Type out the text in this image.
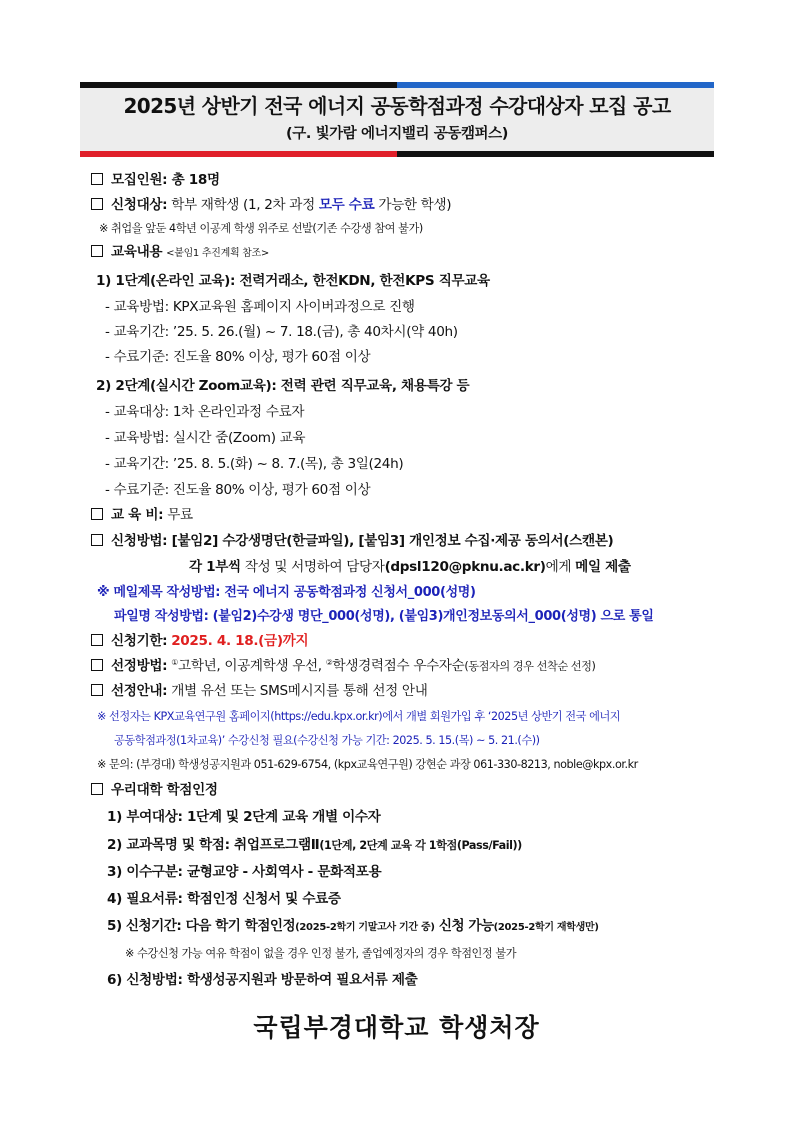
2025년 상반기 전국 에너지 공동학점과정 수강대상자 모집 공고
(구. 빛가람 에너지밸리 공동캠퍼스)
모집인원: 총 18명
신청대상: 학부 재학생 (1, 2차 과정 모두 수료 가능한 학생)
※ 취업을 앞둔 4학년 이공계 학생 위주로 선발(기존 수강생 참여 불가)
교육내용 <붙임1 추진계획 참조>
1) 1단계(온라인 교육): 전력거래소, 한전KDN, 한전KPS 직무교육
- 교육방법: KPX교육원 홈페이지 사이버과정으로 진행
- 교육기간: ’25. 5. 26.(월) ~ 7. 18.(금), 총 40차시(약 40h)
- 수료기준: 진도율 80% 이상, 평가 60점 이상
2) 2단계(실시간 Zoom교육): 전력 관련 직무교육, 채용특강 등
- 교육대상: 1차 온라인과정 수료자
- 교육방법: 실시간 줌(Zoom) 교육
- 교육기간: ’25. 8. 5.(화) ~ 8. 7.(목), 총 3일(24h)
- 수료기준: 진도율 80% 이상, 평가 60점 이상
교 육 비: 무료
신청방법: [붙임2] 수강생명단(한글파일), [붙임3] 개인정보 수집·제공 동의서(스캔본)
각 1부씩 작성 및 서명하여 담당자(dpsl120@pknu.ac.kr)에게 메일 제출
※ 메일제목 작성방법: 전국 에너지 공동학점과정 신청서_000(성명)
파일명 작성방법: (붙임2)수강생 명단_000(성명), (붙임3)개인정보동의서_000(성명) 으로 통일
신청기한: 2025. 4. 18.(금)까지
선정방법: ①고학년, 이공계학생 우선, ②학생경력점수 우수자순(동점자의 경우 선착순 선정)
선정안내: 개별 유선 또는 SMS메시지를 통해 선정 안내
※ 선정자는 KPX교육연구원 홈페이지(https://edu.kpx.or.kr)에서 개별 회원가입 후 ‘2025년 상반기 전국 에너지
공동학점과정(1차교육)’ 수강신청 필요(수강신청 가능 기간: 2025. 5. 15.(목) ~ 5. 21.(수))
※ 문의: (부경대) 학생성공지원과 051-629-6754, (kpx교육연구원) 강현순 과장 061-330-8213, noble@kpx.or.kr
우리대학 학점인정
1) 부여대상: 1단계 및 2단계 교육 개별 이수자
2) 교과목명 및 학점: 취업프로그램Ⅱ(1단계, 2단계 교육 각 1학점(Pass/Fail))
3) 이수구분: 균형교양 - 사회역사 - 문화적포용
4) 필요서류: 학점인정 신청서 및 수료증
5) 신청기간: 다음 학기 학점인정(2025-2학기 기말고사 기간 중) 신청 가능(2025-2학기 재학생만)
※ 수강신청 가능 여유 학점이 없을 경우 인정 불가, 졸업예정자의 경우 학점인정 불가
6) 신청방법: 학생성공지원과 방문하여 필요서류 제출
국립부경대학교 학생처장
